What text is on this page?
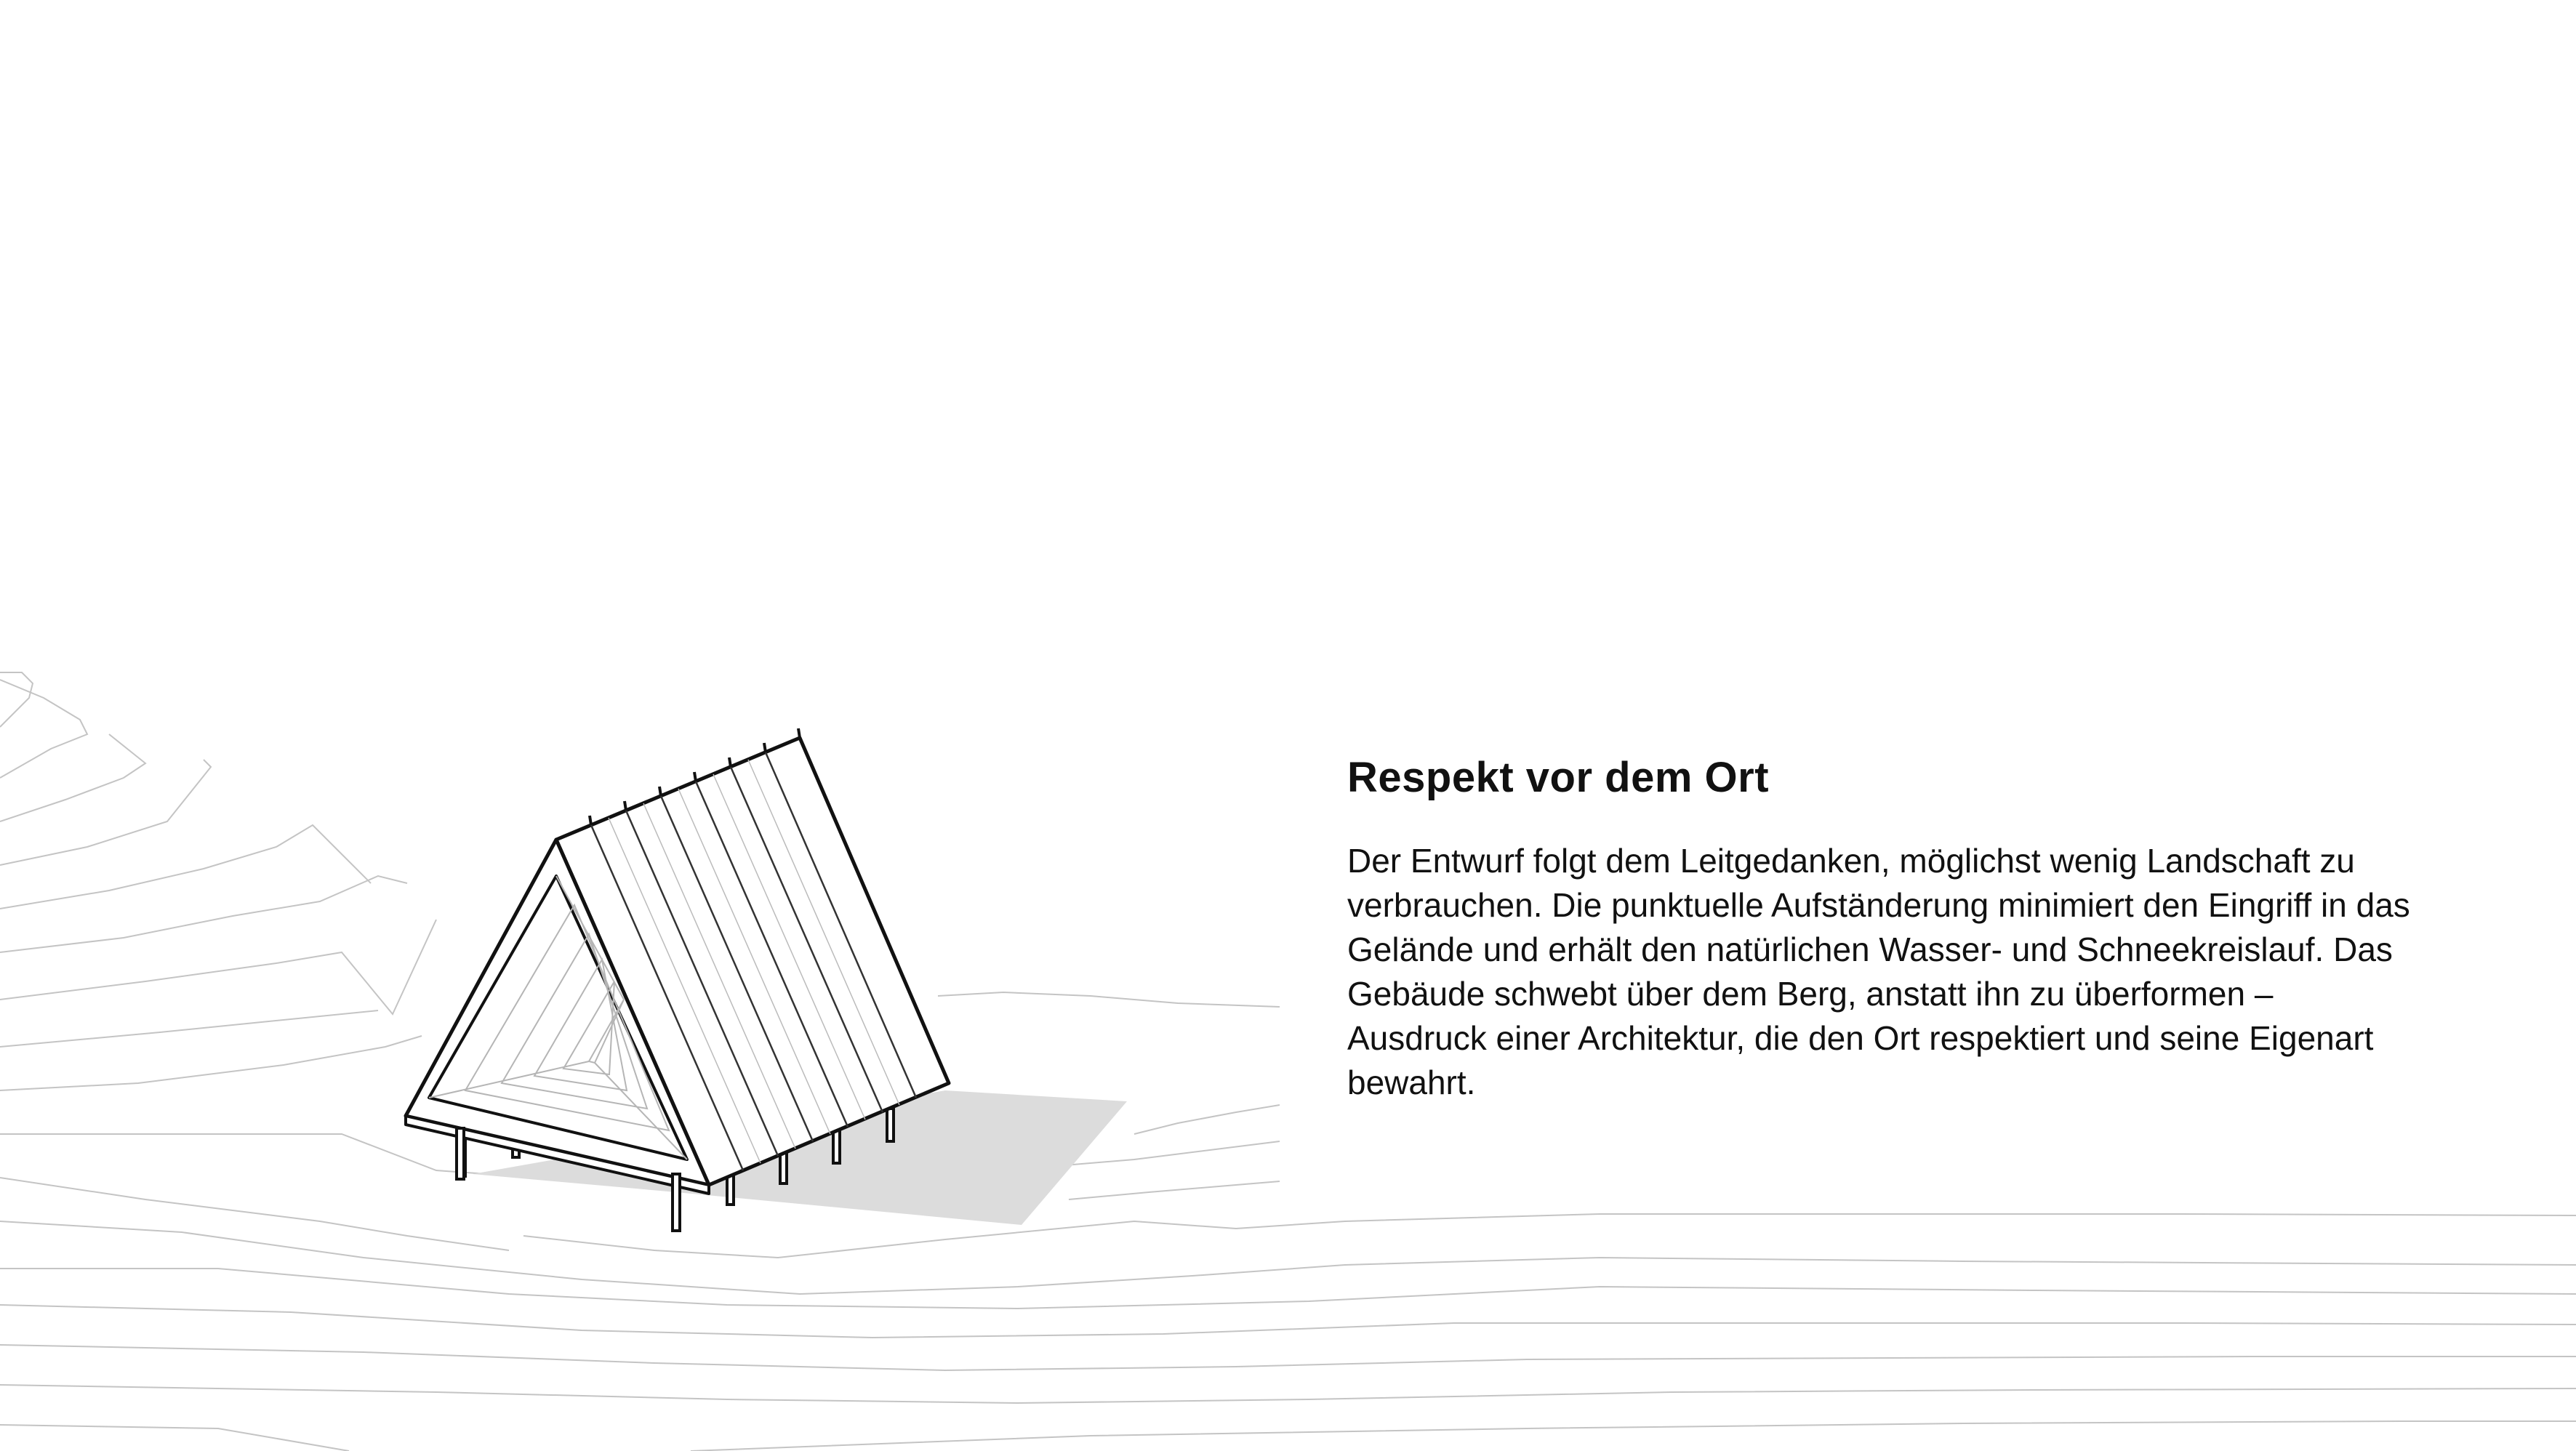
Respekt vor dem Ort

Der Entwurf folgt dem Leitgedanken, möglichst wenig Landschaft zu
verbrauchen. Die punktuelle Aufständerung minimiert den Eingriff in das
Gelände und erhält den natürlichen Wasser- und Schneekreislauf. Das
Gebäude schwebt über dem Berg, anstatt ihn zu überformen –
Ausdruck einer Architektur, die den Ort respektiert und seine Eigenart
bewahrt.
